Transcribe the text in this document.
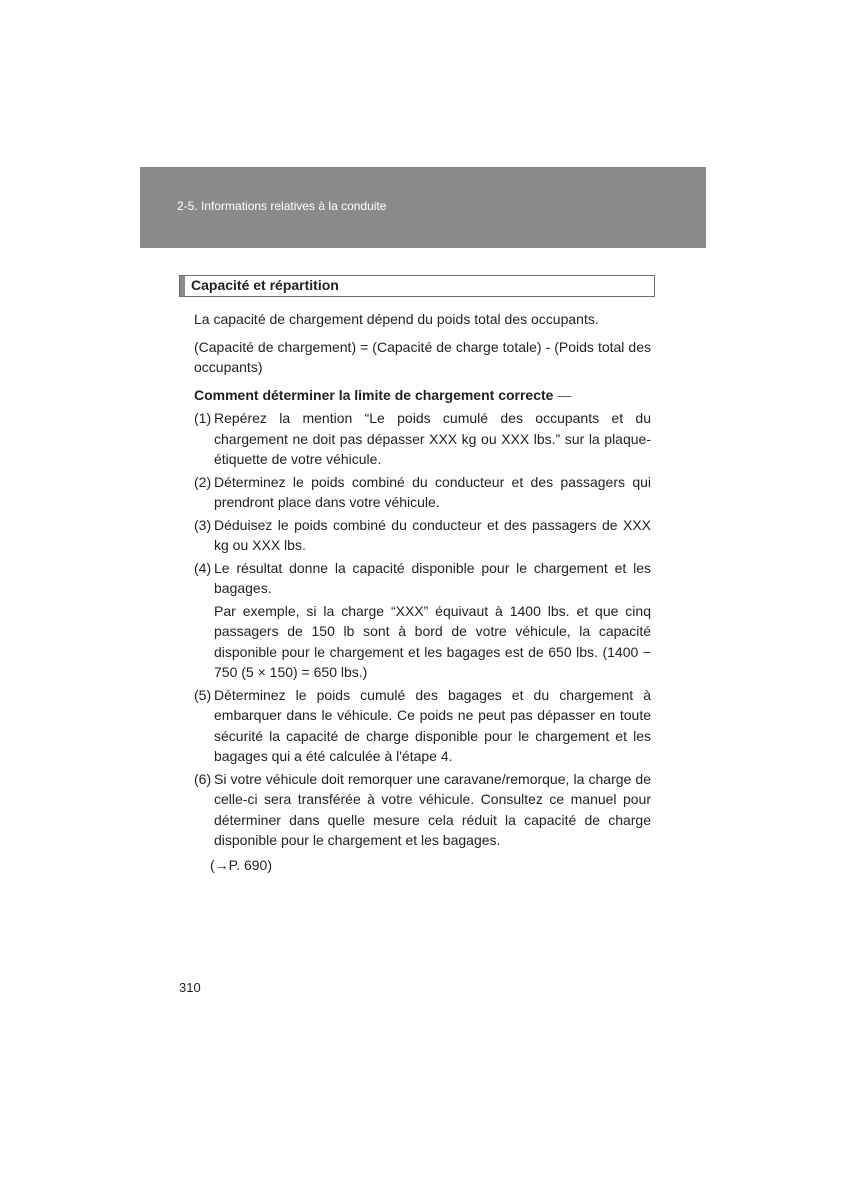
2-5. Informations relatives à la conduite
Capacité et répartition

La capacité de chargement dépend du poids total des occupants.

(Capacité de chargement) = (Capacité de charge totale) - (Poids total des occupants)

Comment déterminer la limite de chargement correcte —

(1) Repérez la mention “Le poids cumulé des occupants et du chargement ne doit pas dépasser XXX kg ou XXX lbs.” sur la plaque-étiquette de votre véhicule.
(2) Déterminez le poids combiné du conducteur et des passagers qui prendront place dans votre véhicule.
(3) Déduisez le poids combiné du conducteur et des passagers de XXX kg ou XXX lbs.
(4) Le résultat donne la capacité disponible pour le chargement et les bagages.
Par exemple, si la charge “XXX” équivaut à 1400 lbs. et que cinq passagers de 150 lb sont à bord de votre véhicule, la capacité disponible pour le chargement et les bagages est de 650 lbs. (1400 − 750 (5 × 150) = 650 lbs.)
(5) Déterminez le poids cumulé des bagages et du chargement à embarquer dans le véhicule. Ce poids ne peut pas dépasser en toute sécurité la capacité de charge disponible pour le chargement et les bagages qui a été calculée à l'étape 4.
(6) Si votre véhicule doit remorquer une caravane/remorque, la charge de celle-ci sera transférée à votre véhicule. Consultez ce manuel pour déterminer dans quelle mesure cela réduit la capacité de charge disponible pour le chargement et les bagages.
(→P. 690)
310
